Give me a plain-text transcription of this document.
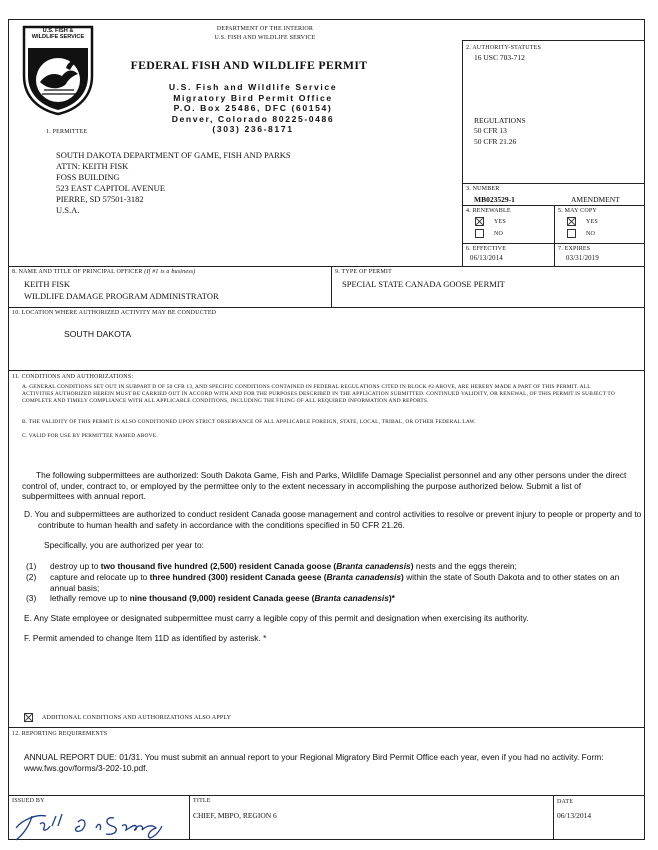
DEPARTMENT OF THE INTERIOR
U.S. FISH AND WILDLIFE SERVICE
U.S. FISH & WILDLIFE SERVICE
FEDERAL FISH AND WILDLIFE PERMIT
U.S. Fish and Wildlife Service
Migratory Bird Permit Office
P.O. Box 25486, DFC (60154)
Denver, Colorado 80225-0486
(303) 236-8171
1. PERMITTEE
SOUTH DAKOTA DEPARTMENT OF GAME, FISH AND PARKS
ATTN: KEITH FISK
FOSS BUILDING
523 EAST CAPITOL AVENUE
PIERRE, SD 57501-3182
U.S.A.
2. AUTHORITY-STATUTES
16 USC 703-712
REGULATIONS
50 CFR 13
50 CFR 21.26
3. NUMBER
MB023529-1	AMENDMENT
4. RENEWABLE
YES
NO
5. MAY COPY
YES
NO
6. EFFECTIVE
06/13/2014
7. EXPIRES
03/31/2019
8. NAME AND TITLE OF PRINCIPAL OFFICER (If #1 is a business)
KEITH FISK
WILDLIFE DAMAGE PROGRAM ADMINISTRATOR
9. TYPE OF PERMIT
SPECIAL STATE CANADA GOOSE PERMIT
10. LOCATION WHERE AUTHORIZED ACTIVITY MAY BE CONDUCTED
SOUTH DAKOTA
11. CONDITIONS AND AUTHORIZATIONS:
A. GENERAL CONDITIONS SET OUT IN SUBPART D OF 50 CFR 13, AND SPECIFIC CONDITIONS CONTAINED IN FEDERAL REGULATIONS CITED IN BLOCK #2 ABOVE, ARE HEREBY MADE A PART OF THIS PERMIT. ALL ACTIVITIES AUTHORIZED HEREIN MUST BE CARRIED OUT IN ACCORD WITH AND FOR THE PURPOSES DESCRIBED IN THE APPLICATION SUBMITTED. CONTINUED VALIDITY, OR RENEWAL, OF THIS PERMIT IS SUBJECT TO COMPLETE AND TIMELY COMPLIANCE WITH ALL APPLICABLE CONDITIONS, INCLUDING THE FILING OF ALL REQUIRED INFORMATION AND REPORTS.
B. THE VALIDITY OF THIS PERMIT IS ALSO CONDITIONED UPON STRICT OBSERVANCE OF ALL APPLICABLE FOREIGN, STATE, LOCAL, TRIBAL, OR OTHER FEDERAL LAW.
C. VALID FOR USE BY PERMITTEE NAMED ABOVE.
The following subpermittees are authorized: South Dakota Game, Fish and Parks, Wildlife Damage Specialist personnel and any other persons under the direct control of, under, contract to, or employed by the permittee only to the extent necessary in accomplishing the purpose authorized below. Submit a list of subpermittees with annual report.
D. You and subpermittees are authorized to conduct resident Canada goose management and control activities to resolve or prevent injury to people or property and to contribute to human health and safety in accordance with the conditions specified in 50 CFR 21.26.
Specifically, you are authorized per year to:
(1) destroy up to two thousand five hundred (2,500) resident Canada goose (Branta canadensis) nests and the eggs therein;
(2) capture and relocate up to three hundred (300) resident Canada geese (Branta canadensis) within the state of South Dakota and to other states on an annual basis;
(3) lethally remove up to nine thousand (9,000) resident Canada geese (Branta canadensis)*
E. Any State employee or designated subpermittee must carry a legible copy of this permit and designation when exercising its authority.
F. Permit amended to change Item 11D as identified by asterisk. *
ADDITIONAL CONDITIONS AND AUTHORIZATIONS ALSO APPLY
12. REPORTING REQUIREMENTS
ANNUAL REPORT DUE: 01/31. You must submit an annual report to your Regional Migratory Bird Permit Office each year, even if you had no activity. Form: www.fws.gov/forms/3-202-10.pdf.
ISSUED BY	TITLE
CHIEF, MBPO, REGION 6
DATE
06/13/2014
